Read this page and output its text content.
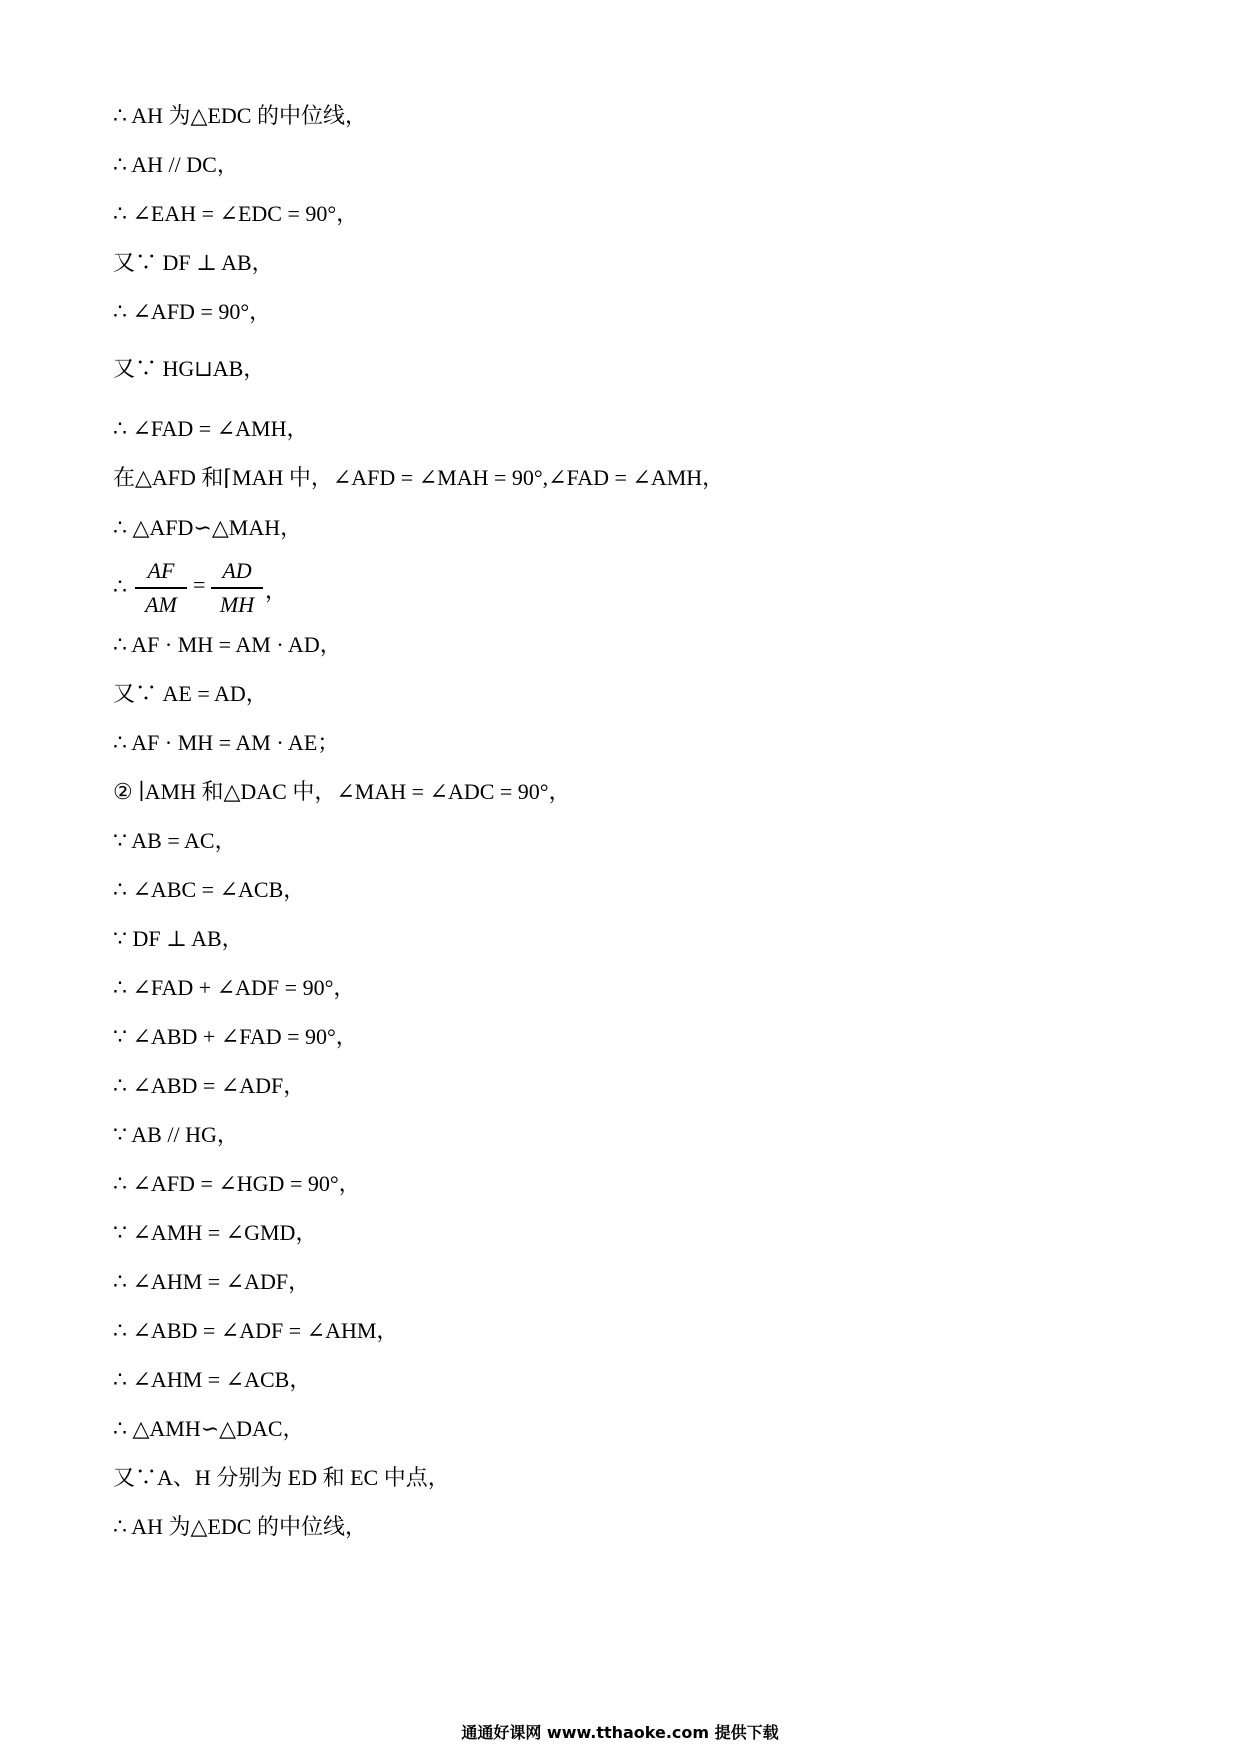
∴ AH 为△EDC 的中位线，
∴ AH // DC，
∴ ∠EAH = ∠EDC = 90°，
又∵ DF ⊥ AB，
∴ ∠AFD = 90°，
又∵ HG⊔AB，
∴ ∠FAD = ∠AMH，
在△AFD 和⌈MAH 中，∠AFD = ∠MAH = 90°,∠FAD = ∠AMH，
∴ △AFD∽△MAH，
∴
AF
AM
=
AD
MH
，
∴ AF · MH = AM · AD，
又∵ AE = AD，
∴ AF · MH = AM · AE；
② ∣AMH 和△DAC 中，∠MAH = ∠ADC = 90°，
∵ AB = AC，
∴ ∠ABC = ∠ACB，
∵ DF ⊥ AB，
∴ ∠FAD + ∠ADF = 90°，
∵ ∠ABD + ∠FAD = 90°，
∴ ∠ABD = ∠ADF，
∵ AB // HG，
∴ ∠AFD = ∠HGD = 90°，
∵ ∠AMH = ∠GMD，
∴ ∠AHM = ∠ADF，
∴ ∠ABD = ∠ADF = ∠AHM，
∴ ∠AHM = ∠ACB，
∴ △AMH∽△DAC，
又∵A、H 分别为 ED 和 EC 中点，
∴ AH 为△EDC 的中位线，
通通好课网 www.tthaoke.com 提供下载
